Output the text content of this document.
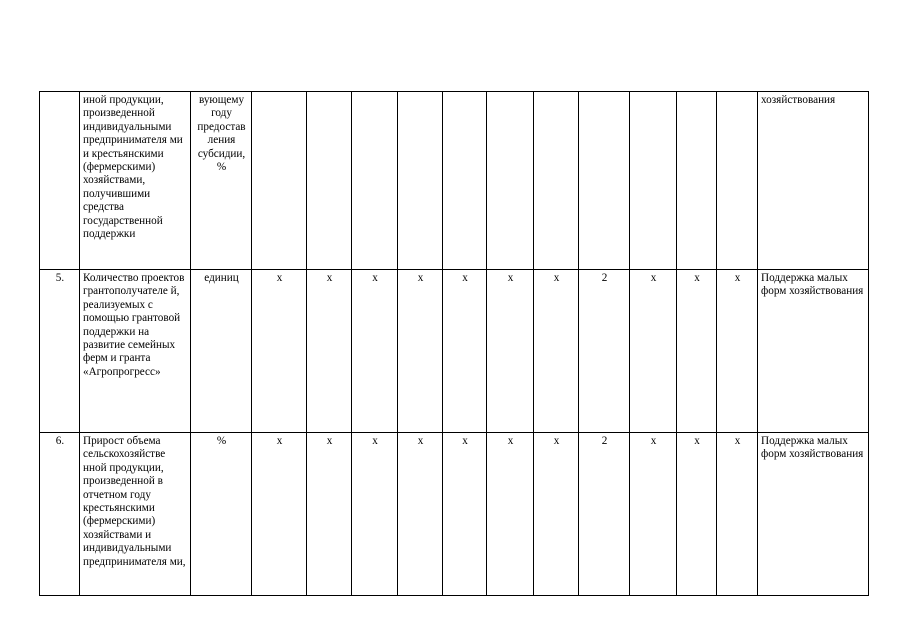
	иной продукции, произведенной индивидуальными предпринимателя ми и крестьянскими (фермерскими) хозяйствами, получившими средства государственной поддержки	вующему году предостав ления субсидии, %												хозяйствования
5.	Количество проектов грантополучателе й, реализуемых с помощью грантовой поддержки на развитие семейных ферм и гранта «Агропрогресс»	единиц	х	х	х	х	х	х	х	2	х	х	х	Поддержка малых форм хозяйствования
6.	Прирост объема сельскохозяйстве нной продукции, произведенной в отчетном году крестьянскими (фермерскими) хозяйствами и индивидуальными предпринимателя ми,	%	х	х	х	х	х	х	х	2	х	х	х	Поддержка малых форм хозяйствования
